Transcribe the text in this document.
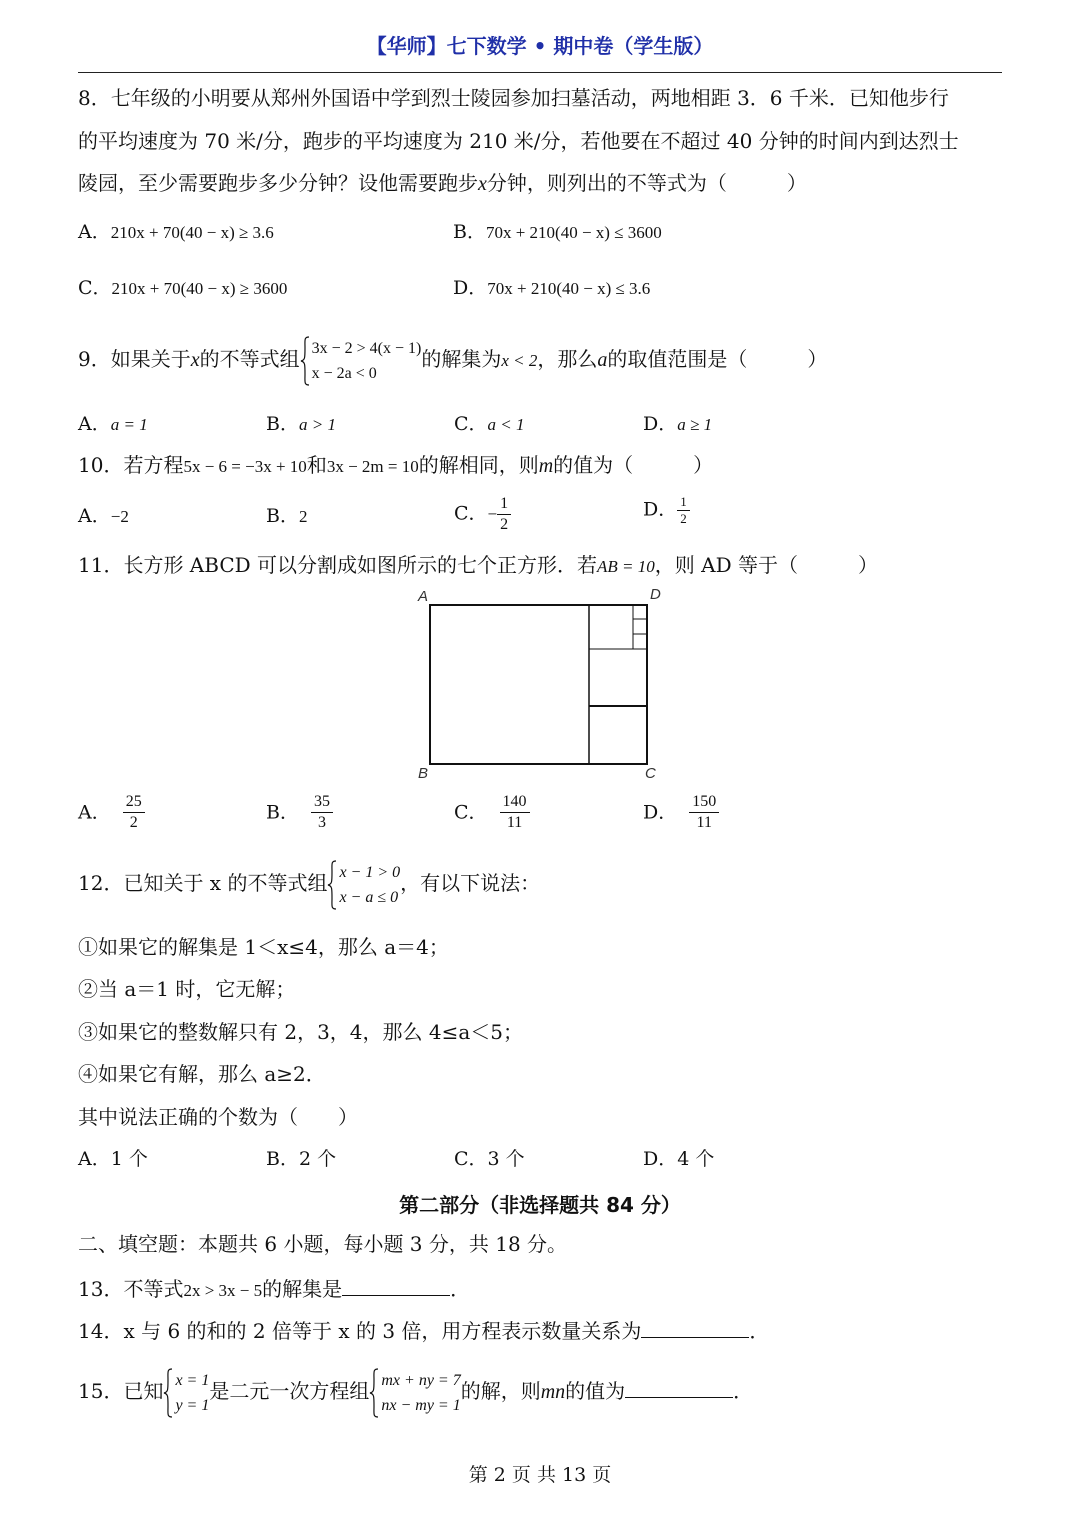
【华师】七下数学 • 期中卷（学生版）
8．七年级的小明要从郑州外国语中学到烈士陵园参加扫墓活动，两地相距 3．6 千米．已知他步行
的平均速度为 70 米/分，跑步的平均速度为 210 米/分，若他要在不超过 40 分钟的时间内到达烈士
陵园，至少需要跑步多少分钟？设他需要跑步x分钟，则列出的不等式为（　　　）
A．210x + 70(40 − x) ≥ 3.6	B．70x + 210(40 − x) ≤ 3600
C．210x + 70(40 − x) ≥ 3600	D．70x + 210(40 − x) ≤ 3.6
9．如果关于x的不等式组 3x − 2 > 4(x − 1)
x − 2a < 0
的解集为x < 2，那么a的取值范围是（　　　）
A．a = 1	B．a > 1	C．a < 1	D．a ≥ 1
10．若方程5x − 6 = −3x + 10和3x − 2m = 10的解相同，则m的值为（　　　）
A．−2	B．2	C．− $\frac{1}{2}$	D． $\frac{1}{2}$
11．长方形 ABCD 可以分割成如图所示的七个正方形．若AB = 10，则 AD 等于（　　　）
A	D
B	C
A． $\frac{25}{2}$	B． $\frac{35}{3}$	C． $\frac{140}{11}$	D． $\frac{150}{11}$
12．已知关于 x 的不等式组 x − 1 > 0
x − a ≤ 0
，有以下说法：
①如果它的解集是 1＜x≤4，那么 a＝4；
②当 a＝1 时，它无解；
③如果它的整数解只有 2，3，4，那么 4≤a＜5；
④如果它有解，那么 a≥2．
其中说法正确的个数为（　　）
A．1 个	B．2 个	C．3 个	D．4 个
第二部分（非选择题共 84 分）
二、填空题：本题共 6 小题，每小题 3 分，共 18 分。
13．不等式2x > 3x − 5的解集是	．
14．x 与 6 的和的 2 倍等于 x 的 3 倍，用方程表示数量关系为	．
15．已知 x = 1
y = 1
是二元一次方程组 mx + ny = 7
nx − my = 1
的解，则mn的值为	．
第 2 页 共 13 页
